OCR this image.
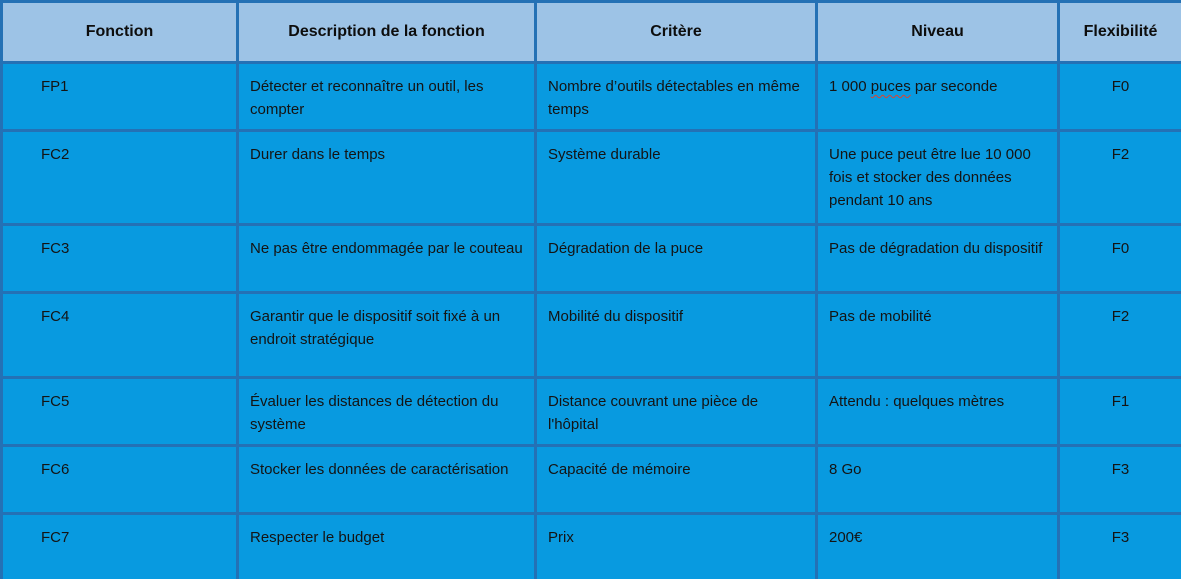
Fonction	Description de la fonction	Critère	Niveau	Flexibilité
FP1	Détecter et reconnaître un outil, les compter	Nombre d’outils détectables en même temps	1 000 puces par seconde	F0
FC2	Durer dans le temps	Système durable	Une puce peut être lue 10 000 fois et stocker des données pendant 10 ans	F2
FC3	Ne pas être endommagée par le couteau	Dégradation de la puce	Pas de dégradation du dispositif	F0
FC4	Garantir que le dispositif soit fixé à un endroit stratégique	Mobilité du dispositif	Pas de mobilité	F2
FC5	Évaluer les distances de détection du système	Distance couvrant une pièce de l'hôpital	Attendu : quelques mètres	F1
FC6	Stocker les données de caractérisation	Capacité de mémoire	8 Go	F3
FC7	Respecter le budget	Prix	200€	F3
